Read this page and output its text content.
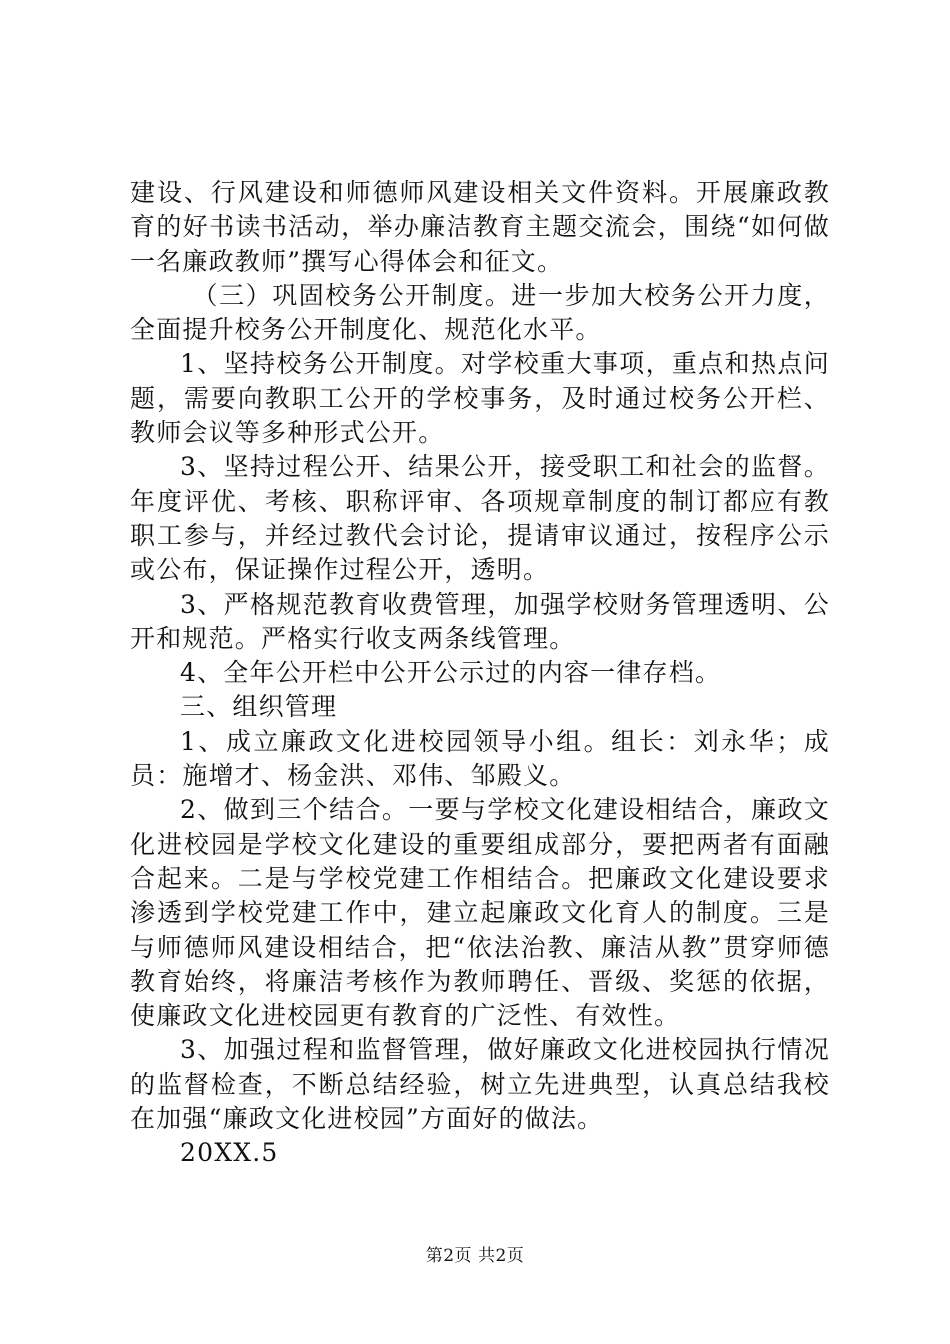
建设、行风建设和师德师风建设相关文件资料。开展廉政教育的好书读书活动，举办廉洁教育主题交流会，围绕“如何做一名廉政教师”撰写心得体会和征文。

（三）巩固校务公开制度。进一步加大校务公开力度，全面提升校务公开制度化、规范化水平。

1、坚持校务公开制度。对学校重大事项，重点和热点问题，需要向教职工公开的学校事务，及时通过校务公开栏、教师会议等多种形式公开。

3、坚持过程公开、结果公开，接受职工和社会的监督。年度评优、考核、职称评审、各项规章制度的制订都应有教职工参与，并经过教代会讨论，提请审议通过，按程序公示或公布，保证操作过程公开，透明。

3、严格规范教育收费管理，加强学校财务管理透明、公开和规范。严格实行收支两条线管理。

4、全年公开栏中公开公示过的内容一律存档。

三、组织管理

1、成立廉政文化进校园领导小组。组长：刘永华；成员：施增才、杨金洪、邓伟、邹殿义。

2、做到三个结合。一要与学校文化建设相结合，廉政文化进校园是学校文化建设的重要组成部分，要把两者有面融合起来。二是与学校党建工作相结合。把廉政文化建设要求渗透到学校党建工作中，建立起廉政文化育人的制度。三是与师德师风建设相结合，把“依法治教、廉洁从教”贯穿师德教育始终，将廉洁考核作为教师聘任、晋级、奖惩的依据，使廉政文化进校园更有教育的广泛性、有效性。

3、加强过程和监督管理，做好廉政文化进校园执行情况的监督检查，不断总结经验，树立先进典型，认真总结我校在加强“廉政文化进校园”方面好的做法。

20XX.5

第2页 共2页
